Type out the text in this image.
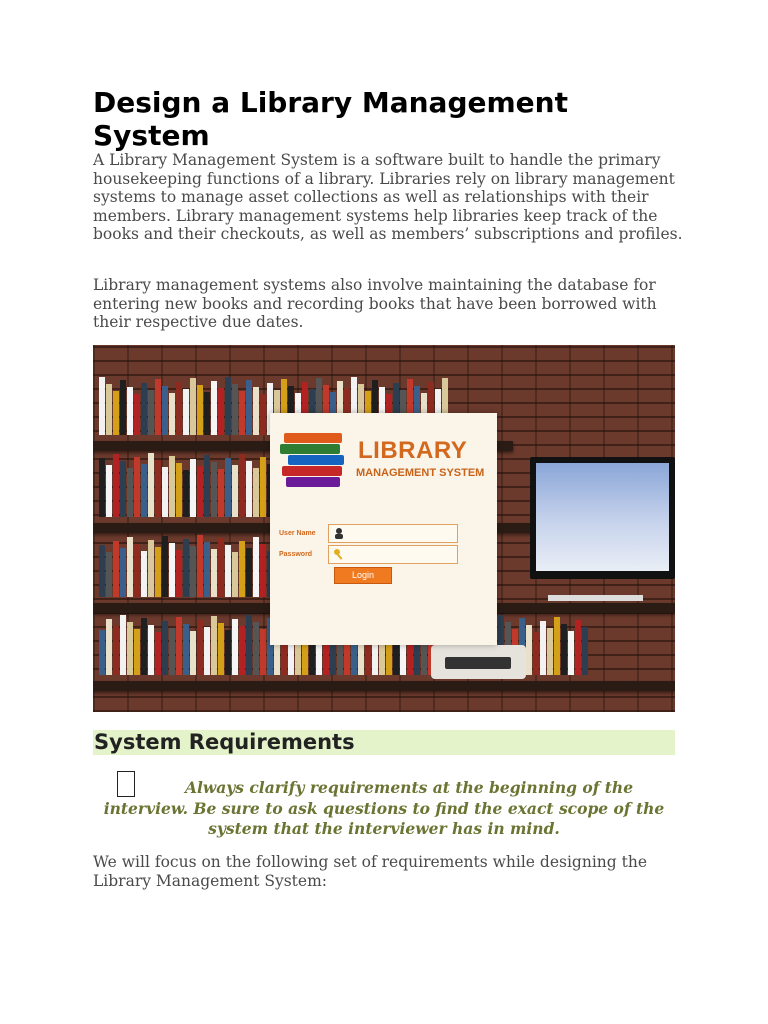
Design a Library Management System

A Library Management System is a software built to handle the primary housekeeping functions of a library. Libraries rely on library management systems to manage asset collections as well as relationships with their members. Library management systems help libraries keep track of the books and their checkouts, as well as members’ subscriptions and profiles.

Library management systems also involve maintaining the database for entering new books and recording books that have been borrowed with their respective due dates.

LIBRARY
MANAGEMENT SYSTEM
User Name
Password
Login
System Requirements

Always clarify requirements at the beginning of the interview. Be sure to ask questions to find the exact scope of the system that the interviewer has in mind.

We will focus on the following set of requirements while designing the Library Management System:
